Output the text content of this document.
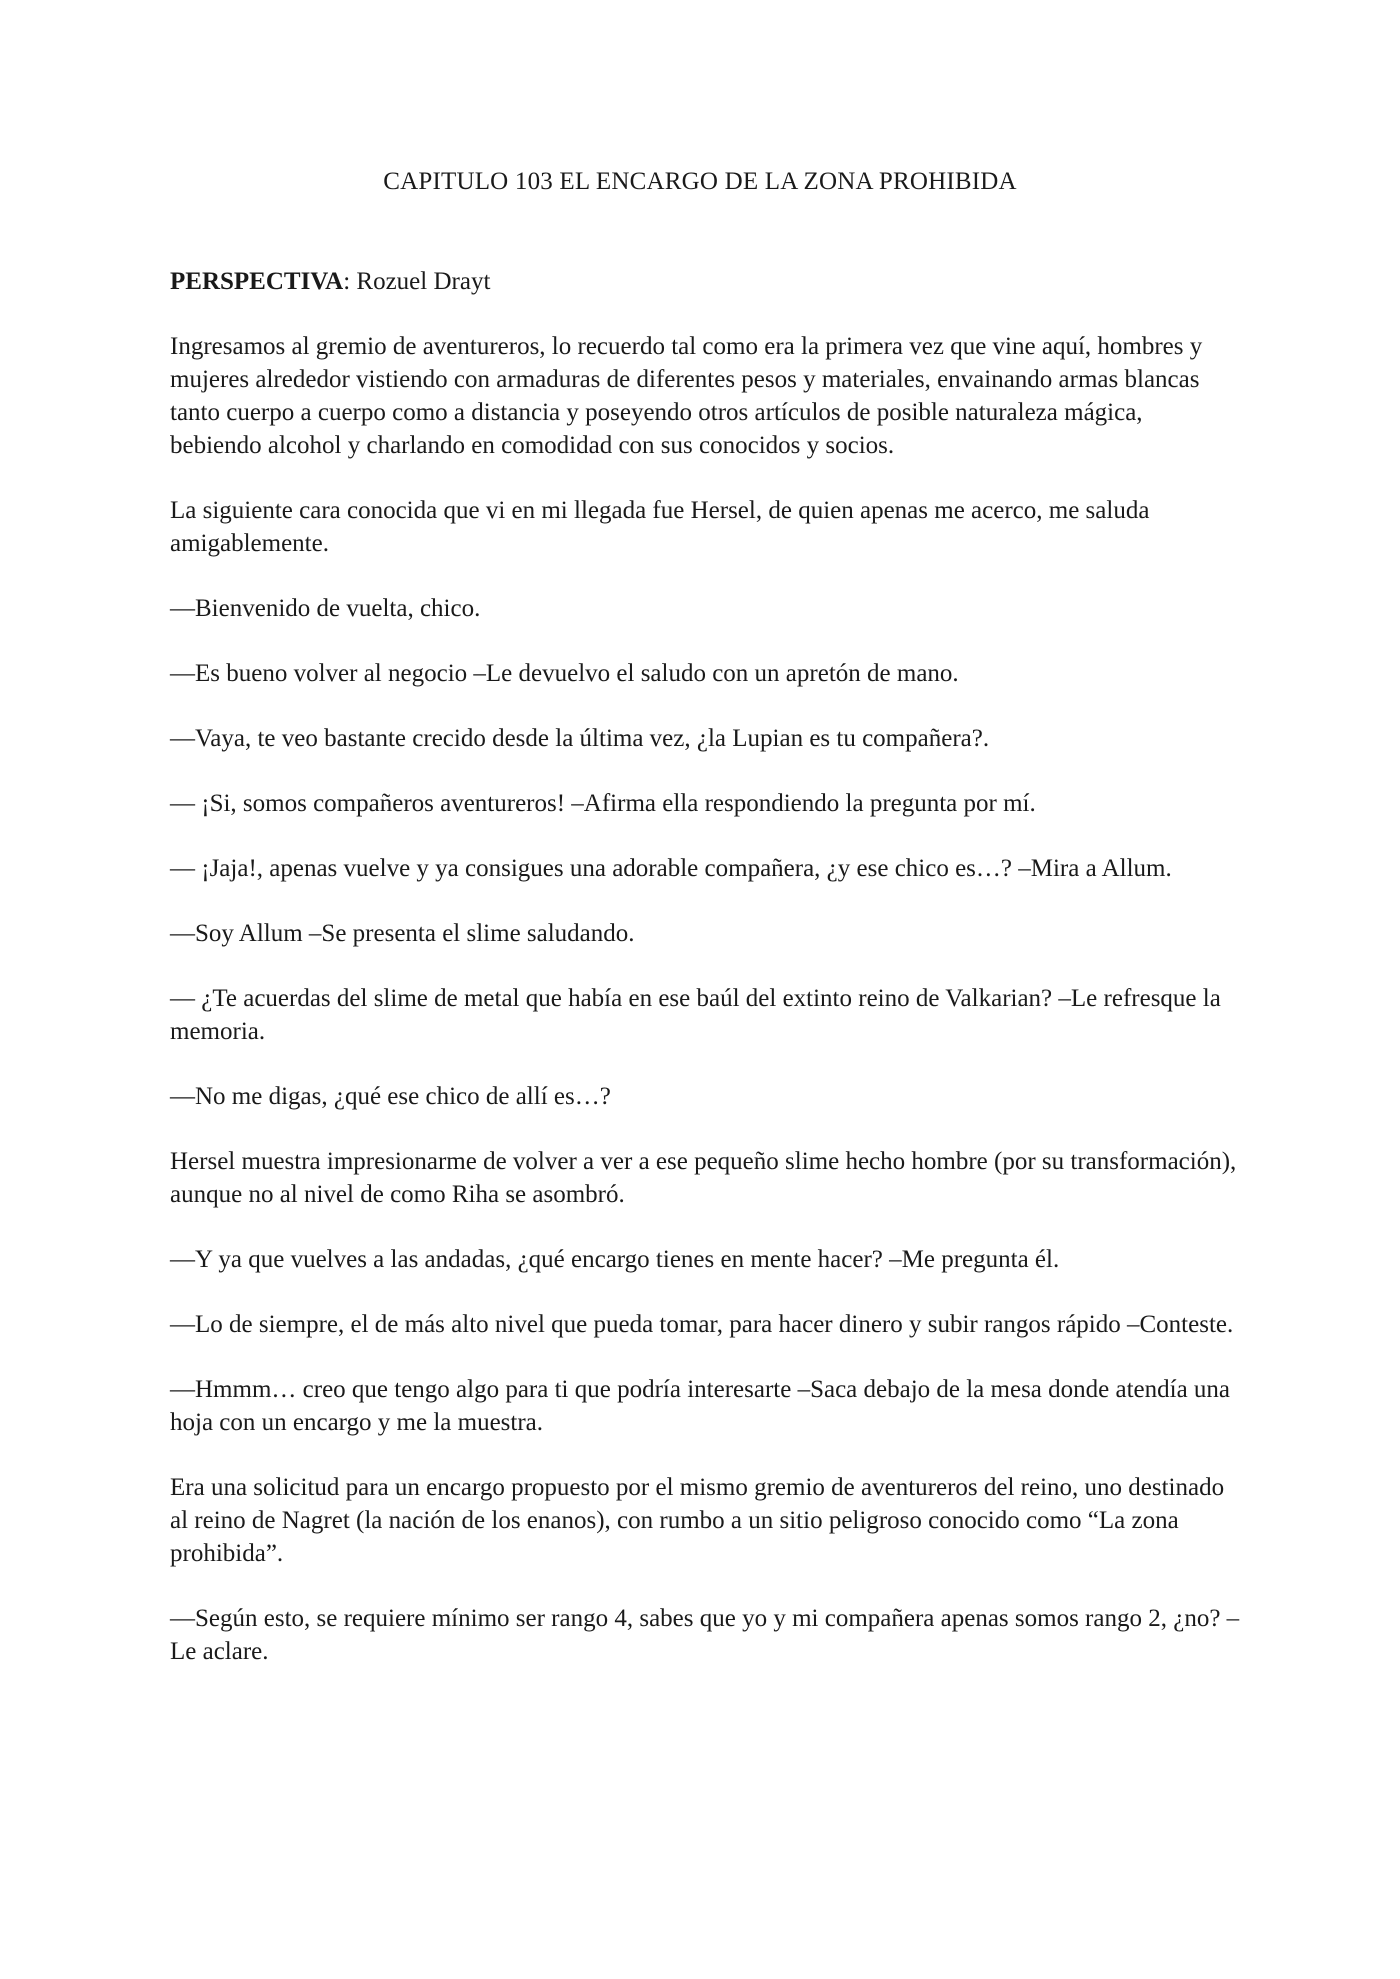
CAPITULO 103 EL ENCARGO DE LA ZONA PROHIBIDA

PERSPECTIVA: Rozuel Drayt

Ingresamos al gremio de aventureros, lo recuerdo tal como era la primera vez que vine aquí, hombres y mujeres alrededor vistiendo con armaduras de diferentes pesos y materiales, envainando armas blancas tanto cuerpo a cuerpo como a distancia y poseyendo otros artículos de posible naturaleza mágica, bebiendo alcohol y charlando en comodidad con sus conocidos y socios.

La siguiente cara conocida que vi en mi llegada fue Hersel, de quien apenas me acerco, me saluda amigablemente.

—Bienvenido de vuelta, chico.

—Es bueno volver al negocio –Le devuelvo el saludo con un apretón de mano.

—Vaya, te veo bastante crecido desde la última vez, ¿la Lupian es tu compañera?.

— ¡Si, somos compañeros aventureros! –Afirma ella respondiendo la pregunta por mí.

— ¡Jaja!, apenas vuelve y ya consigues una adorable compañera, ¿y ese chico es…? –Mira a Allum.

—Soy Allum –Se presenta el slime saludando.

— ¿Te acuerdas del slime de metal que había en ese baúl del extinto reino de Valkarian? –Le refresque la memoria.

—No me digas, ¿qué ese chico de allí es…?

Hersel muestra impresionarme de volver a ver a ese pequeño slime hecho hombre (por su transformación), aunque no al nivel de como Riha se asombró.

—Y ya que vuelves a las andadas, ¿qué encargo tienes en mente hacer? –Me pregunta él.

—Lo de siempre, el de más alto nivel que pueda tomar, para hacer dinero y subir rangos rápido –Conteste.

—Hmmm… creo que tengo algo para ti que podría interesarte –Saca debajo de la mesa donde atendía una hoja con un encargo y me la muestra.

Era una solicitud para un encargo propuesto por el mismo gremio de aventureros del reino, uno destinado al reino de Nagret (la nación de los enanos), con rumbo a un sitio peligroso conocido como “La zona prohibida”.

—Según esto, se requiere mínimo ser rango 4, sabes que yo y mi compañera apenas somos rango 2, ¿no? –Le aclare.
